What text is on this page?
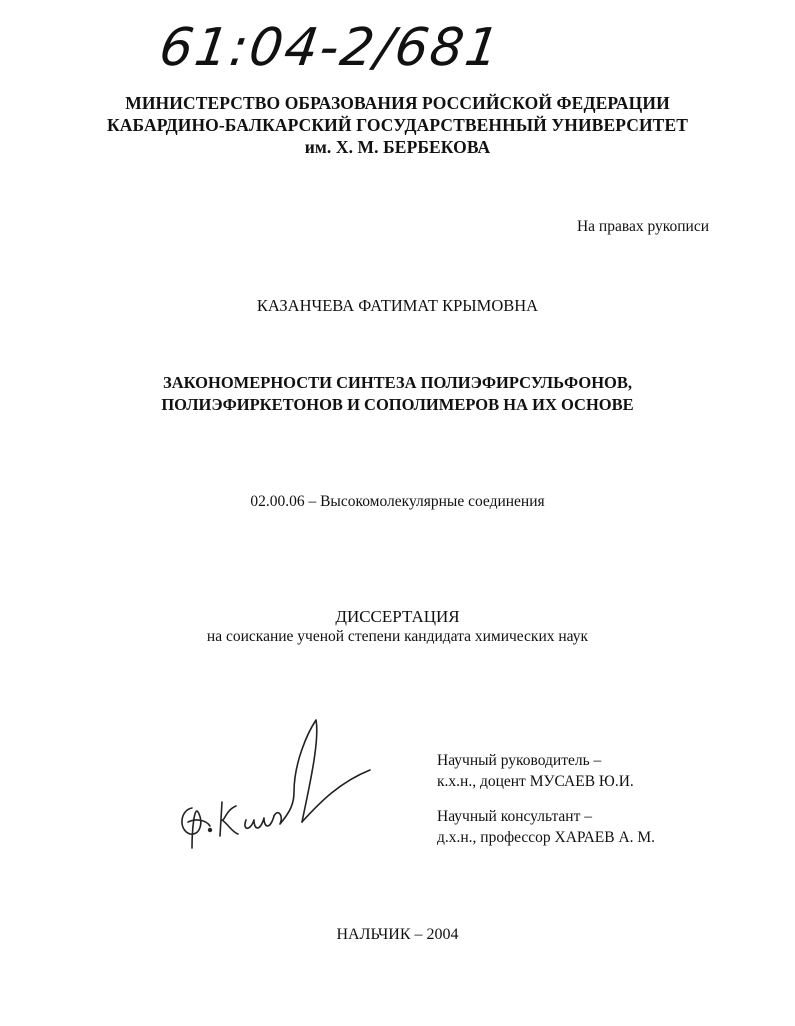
61:04-2/681
МИНИСТЕРСТВО ОБРАЗОВАНИЯ РОССИЙСКОЙ ФЕДЕРАЦИИ
КАБАРДИНО-БАЛКАРСКИЙ ГОСУДАРСТВЕННЫЙ УНИВЕРСИТЕТ
им. Х. М. БЕРБЕКОВА
На правах рукописи
КАЗАНЧЕВА ФАТИМАТ КРЫМОВНА
ЗАКОНОМЕРНОСТИ СИНТЕЗА ПОЛИЭФИРСУЛЬФОНОВ,
ПОЛИЭФИРКЕТОНОВ И СОПОЛИМЕРОВ НА ИХ ОСНОВЕ
02.00.06 – Высокомолекулярные соединения
ДИССЕРТАЦИЯ
на соискание ученой степени кандидата химических наук
Научный руководитель –
к.х.н., доцент МУСАЕВ Ю.И.
Научный консультант –
д.х.н., профессор ХАРАЕВ А. М.
НАЛЬЧИК – 2004
